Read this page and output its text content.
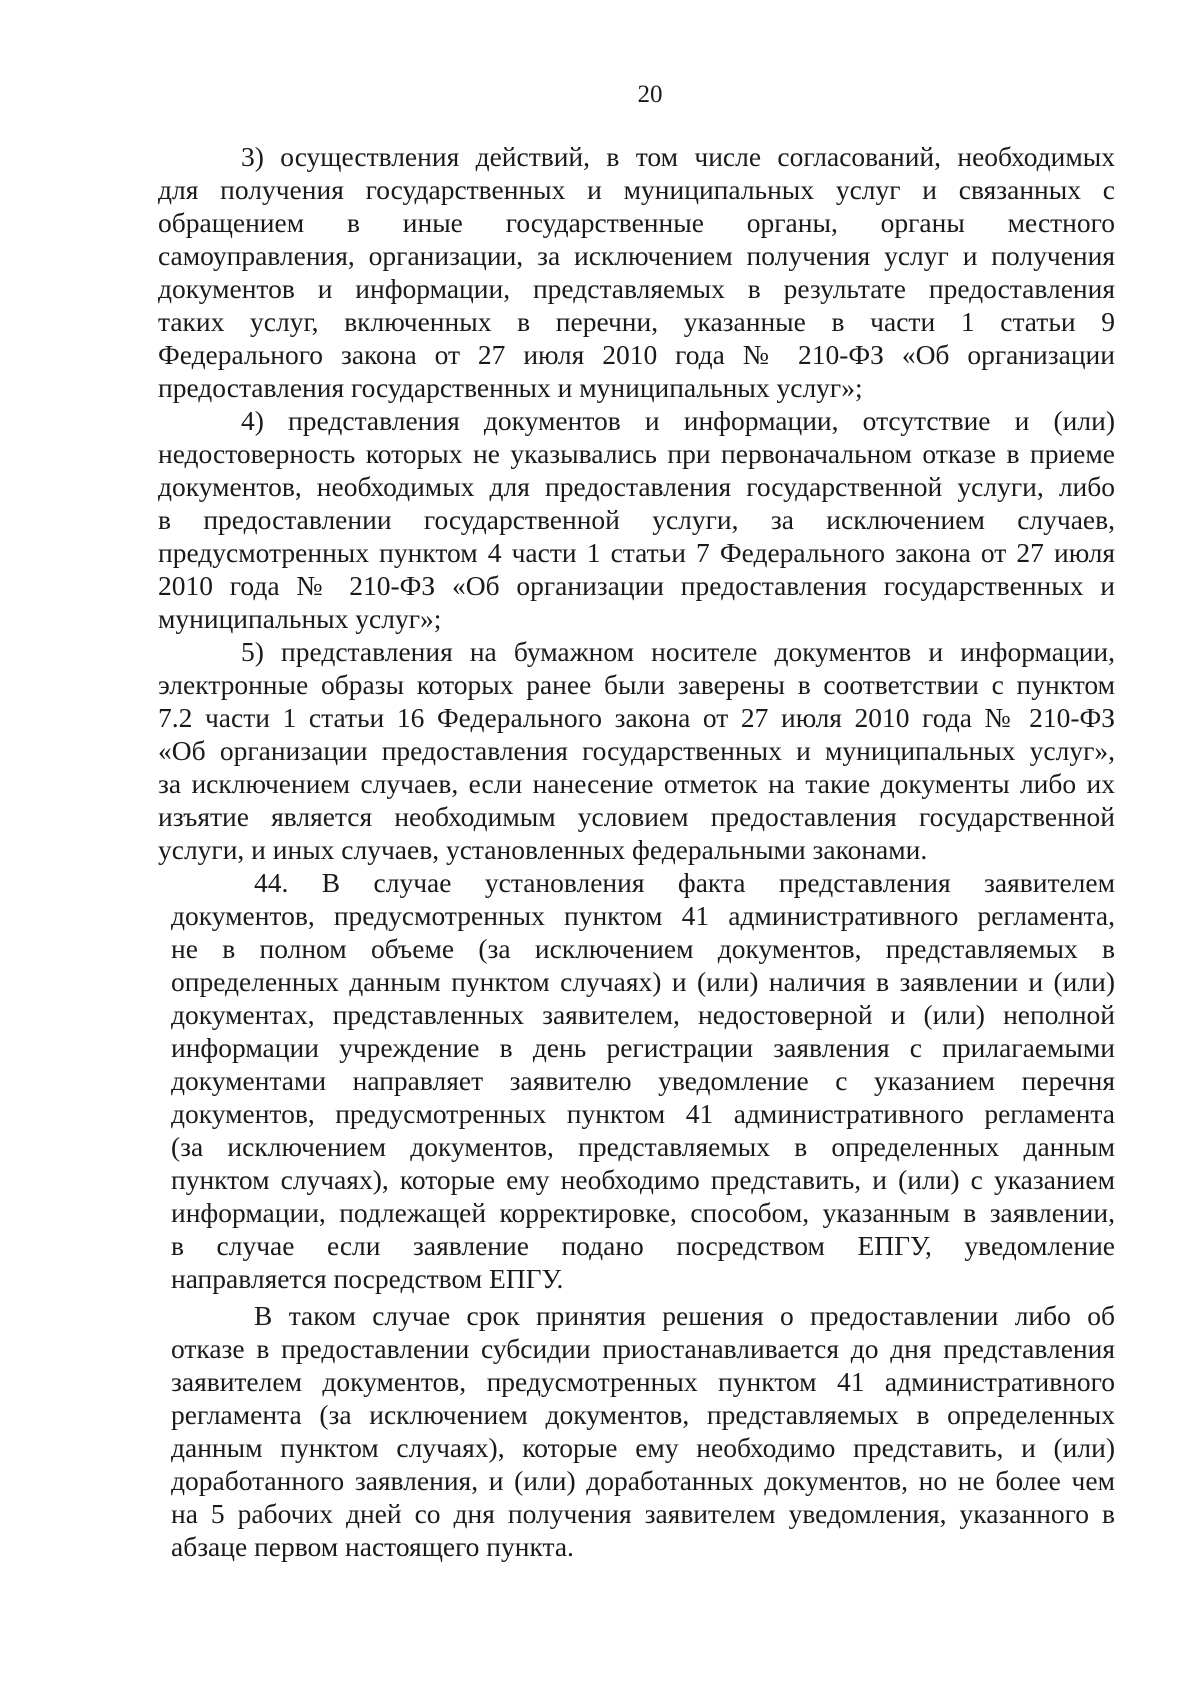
20
3) осуществления действий, в том числе согласований, необходимых
для получения государственных и муниципальных услуг и связанных с
обращением в иные государственные органы, органы местного
самоуправления, организации, за исключением получения услуг и получения
документов и информации, представляемых в результате предоставления
таких услуг, включенных в перечни, указанные в части 1 статьи 9
Федерального закона от 27 июля 2010 года № 210-ФЗ «Об организации
предоставления государственных и муниципальных услуг»;
4) представления документов и информации, отсутствие и (или)
недостоверность которых не указывались при первоначальном отказе в приеме
документов, необходимых для предоставления государственной услуги, либо
в предоставлении государственной услуги, за исключением случаев,
предусмотренных пунктом 4 части 1 статьи 7 Федерального закона от 27 июля
2010 года № 210-ФЗ «Об организации предоставления государственных и
муниципальных услуг»;
5) представления на бумажном носителе документов и информации,
электронные образы которых ранее были заверены в соответствии с пунктом
7.2 части 1 статьи 16 Федерального закона от 27 июля 2010 года № 210-ФЗ
«Об организации предоставления государственных и муниципальных услуг»,
за исключением случаев, если нанесение отметок на такие документы либо их
изъятие является необходимым условием предоставления государственной
услуги, и иных случаев, установленных федеральными законами.
44. В случае установления факта представления заявителем
документов, предусмотренных пунктом 41 административного регламента,
не в полном объеме (за исключением документов, представляемых в
определенных данным пунктом случаях) и (или) наличия в заявлении и (или)
документах, представленных заявителем, недостоверной и (или) неполной
информации учреждение в день регистрации заявления с прилагаемыми
документами направляет заявителю уведомление с указанием перечня
документов, предусмотренных пунктом 41 административного регламента
(за исключением документов, представляемых в определенных данным
пунктом случаях), которые ему необходимо представить, и (или) с указанием
информации, подлежащей корректировке, способом, указанным в заявлении,
в случае если заявление подано посредством ЕПГУ, уведомление
направляется посредством ЕПГУ.
В таком случае срок принятия решения о предоставлении либо об
отказе в предоставлении субсидии приостанавливается до дня представления
заявителем документов, предусмотренных пунктом 41 административного
регламента (за исключением документов, представляемых в определенных
данным пунктом случаях), которые ему необходимо представить, и (или)
доработанного заявления, и (или) доработанных документов, но не более чем
на 5 рабочих дней со дня получения заявителем уведомления, указанного в
абзаце первом настоящего пункта.
